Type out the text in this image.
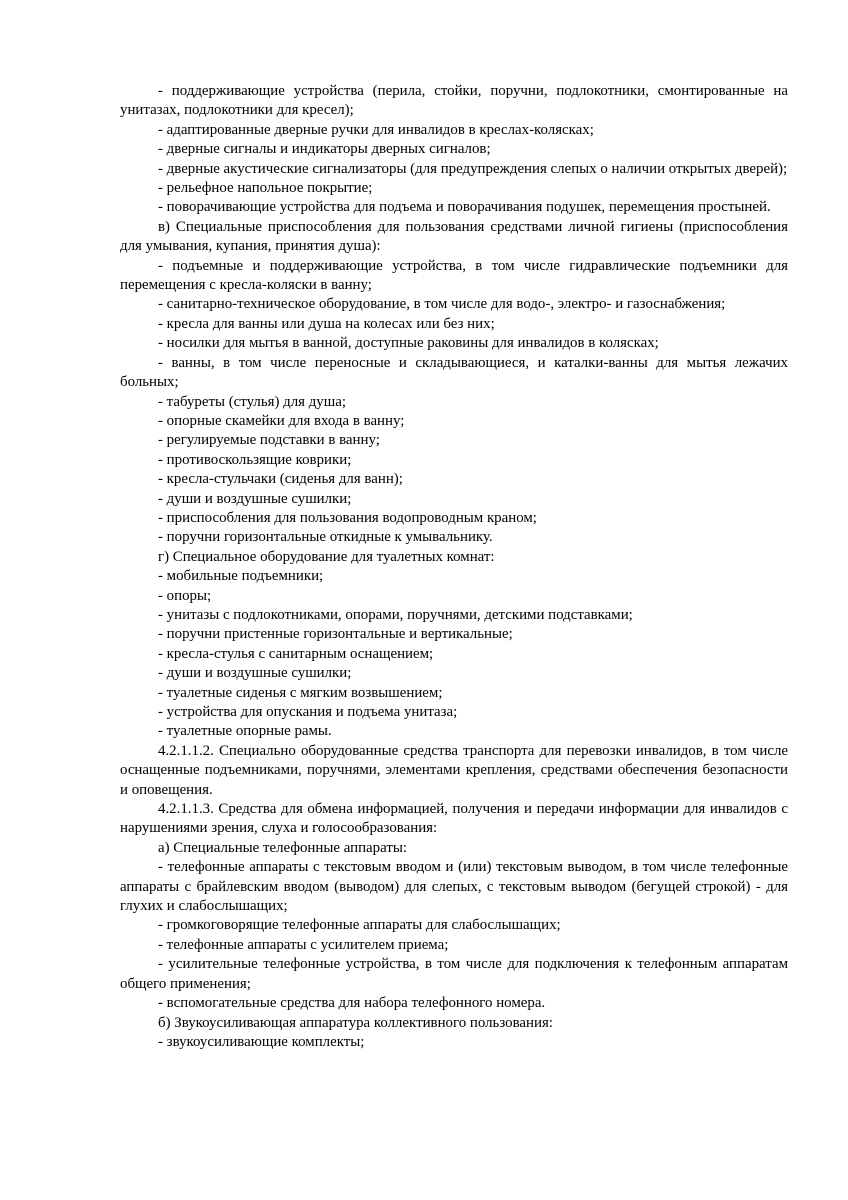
- поддерживающие устройства (перила, стойки, поручни, подлокотники, смонтированные на унитазах, подлокотники для кресел);

- адаптированные дверные ручки для инвалидов в креслах-колясках;

- дверные сигналы и индикаторы дверных сигналов;

- дверные акустические сигнализаторы (для предупреждения слепых о наличии открытых дверей);

- рельефное напольное покрытие;

- поворачивающие устройства для подъема и поворачивания подушек, перемещения простыней.

в) Специальные приспособления для пользования средствами личной гигиены (приспособления для умывания, купания, принятия душа):

- подъемные и поддерживающие устройства, в том числе гидравлические подъемники для перемещения с кресла-коляски в ванну;

- санитарно-техническое оборудование, в том числе для водо-, электро- и газоснабжения;

- кресла для ванны или душа на колесах или без них;

- носилки для мытья в ванной, доступные раковины для инвалидов в колясках;

- ванны, в том числе переносные и складывающиеся, и каталки-ванны для мытья лежачих больных;

- табуреты (стулья) для душа;

- опорные скамейки для входа в ванну;

- регулируемые подставки в ванну;

- противоскользящие коврики;

- кресла-стульчаки (сиденья для ванн);

- души и воздушные сушилки;

- приспособления для пользования водопроводным краном;

- поручни горизонтальные откидные к умывальнику.

г) Специальное оборудование для туалетных комнат:

- мобильные подъемники;

- опоры;

- унитазы с подлокотниками, опорами, поручнями, детскими подставками;

- поручни пристенные горизонтальные и вертикальные;

- кресла-стулья с санитарным оснащением;

- души и воздушные сушилки;

- туалетные сиденья с мягким возвышением;

- устройства для опускания и подъема унитаза;

- туалетные опорные рамы.

4.2.1.1.2. Специально оборудованные средства транспорта для перевозки инвалидов, в том числе оснащенные подъемниками, поручнями, элементами крепления, средствами обеспечения безопасности и оповещения.

4.2.1.1.3. Средства для обмена информацией, получения и передачи информации для инвалидов с нарушениями зрения, слуха и голосообразования:

а) Специальные телефонные аппараты:

- телефонные аппараты с текстовым вводом и (или) текстовым выводом, в том числе телефонные аппараты с брайлевским вводом (выводом) для слепых, с текстовым выводом (бегущей строкой) - для глухих и слабослышащих;

- громкоговорящие телефонные аппараты для слабослышащих;

- телефонные аппараты с усилителем приема;

- усилительные телефонные устройства, в том числе для подключения к телефонным аппаратам общего применения;

- вспомогательные средства для набора телефонного номера.

б) Звукоусиливающая аппаратура коллективного пользования:

- звукоусиливающие комплекты;
